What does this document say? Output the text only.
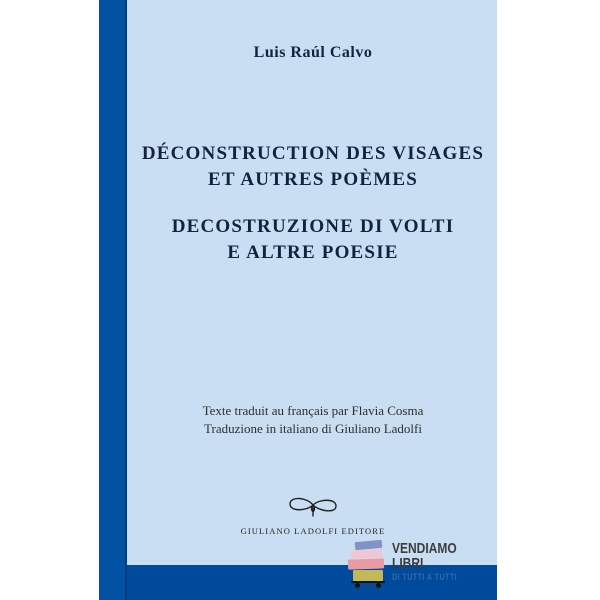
Luis Raúl Calvo
DÉCONSTRUCTION DES VISAGES
ET AUTRES POÈMES
DECOSTRUZIONE DI VOLTI
E ALTRE POESIE
Texte traduit au français par Flavia Cosma
Traduzione in italiano di Giuliano Ladolfi
GIULIANO LADOLFI EDITORE
VENDIAMO
LIBRI
DI TUTTI A TUTTI
